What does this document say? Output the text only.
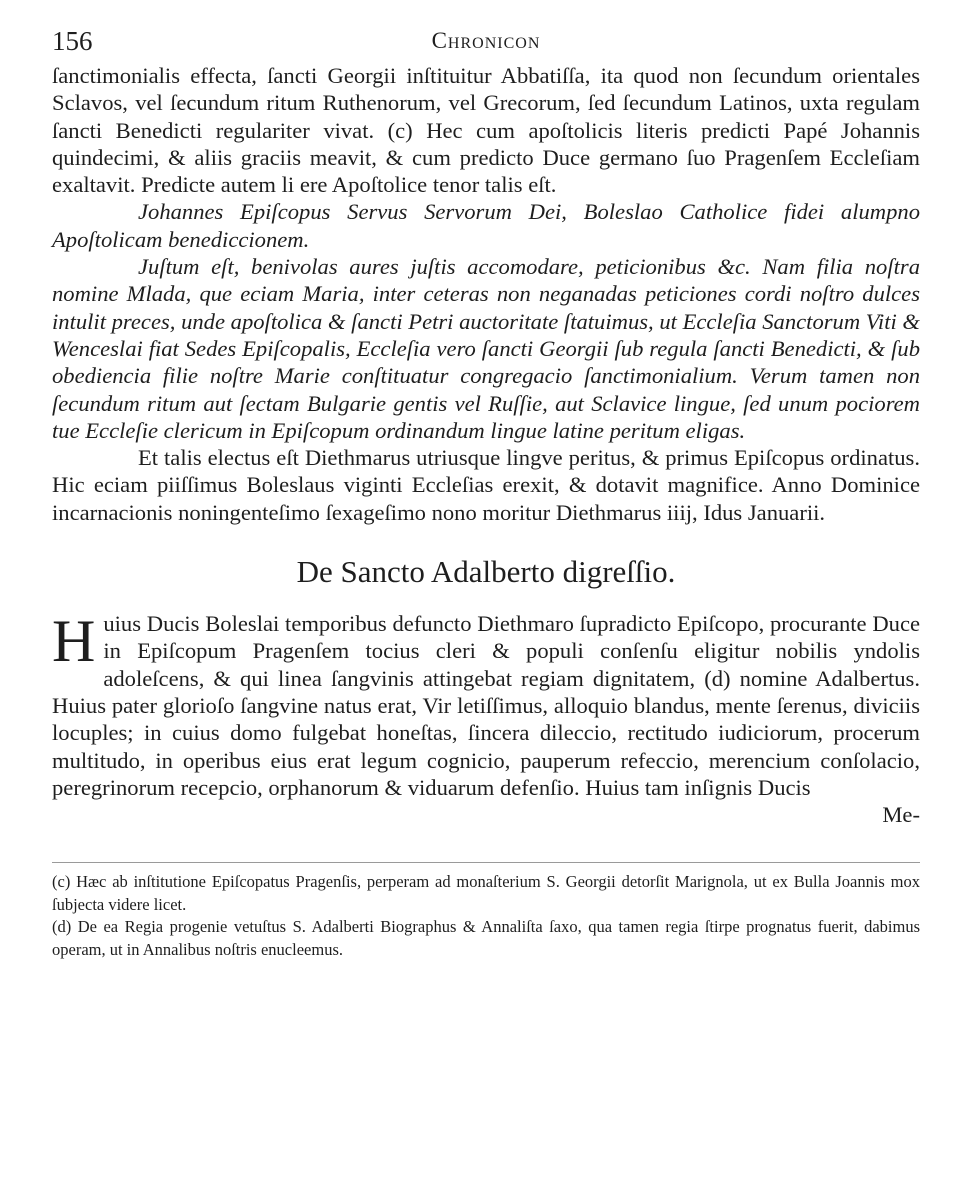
156	Chronicon

ſanctimonialis effecta, ſancti Georgii inſtituitur Abbatiſſa, ita quod non ſecundum orientales Sclavos, vel ſecundum ritum Ruthenorum, vel Grecorum, ſed ſecundum Latinos, uxta regulam ſancti Benedicti regulariter vivat. (c) Hec cum apoſtolicis literis predicti Papé Johannis quindecimi, & aliis graciis meavit, & cum predicto Duce germano ſuo Pragenſem Eccleſiam exaltavit. Predicte autem li ere Apoſtolice tenor talis eſt.

Johannes Epiſcopus Servus Servorum Dei, Boleslao Catholice fidei alumpno Apoſtolicam benediccionem.

Juſtum eſt, benivolas aures juſtis accomodare, peticionibus &c. Nam filia noſtra nomine Mlada, que eciam Maria, inter ceteras non neganadas peticiones cordi noſtro dulces intulit preces, unde apoſtolica & ſancti Petri auctoritate ſtatuimus, ut Eccleſia Sanctorum Viti & Wenceslai fiat Sedes Epiſcopalis, Eccleſia vero ſancti Georgii ſub regula ſancti Benedicti, & ſub obediencia filie noſtre Marie conſtituatur congregacio ſanctimonialium. Verum tamen non ſecundum ritum aut ſectam Bulgarie gentis vel Ruſſie, aut Sclavice lingue, ſed unum pociorem tue Eccleſie clericum in Epiſcopum ordinandum lingue latine peritum eligas.

Et talis electus eſt Diethmarus utriusque lingve peritus, & primus Epiſcopus ordinatus. Hic eciam piiſſimus Boleslaus viginti Eccleſias erexit, & dotavit magnifice. Anno Dominice incarnacionis noningenteſimo ſexageſimo nono moritur Diethmarus iiij, Idus Januarii.

De Sancto Adalberto digreſſio.

H uius Ducis Boleslai temporibus defuncto Diethmaro ſupradicto Epiſcopo, procurante Duce in Epiſcopum Pragenſem tocius cleri & populi conſenſu eligitur nobilis yndolis adoleſcens, & qui linea ſangvinis attingebat regiam dignitatem, (d) nomine Adalbertus. Huius pater glorioſo ſangvine natus erat, Vir letiſſimus, alloquio blandus, mente ſerenus, diviciis locuples; in cuius domo fulgebat honeſtas, ſincera dileccio, rectitudo iudiciorum, procerum multitudo, in operibus eius erat legum cognicio, pauperum refeccio, merencium conſolacio, peregrinorum recepcio, orphanorum & viduarum defenſio. Huius tam inſignis Ducis

Me-

(c) Hæc ab inſtitutione Epiſcopatus Pragenſis, perperam ad monaſterium S. Georgii detorſit Marignola, ut ex Bulla Joannis mox ſubjecta videre licet.

(d) De ea Regia progenie vetuſtus S. Adalberti Biographus & Annaliſta ſaxo, qua tamen regia ſtirpe prognatus fuerit, dabimus operam, ut in Annalibus noſtris enucleemus.
